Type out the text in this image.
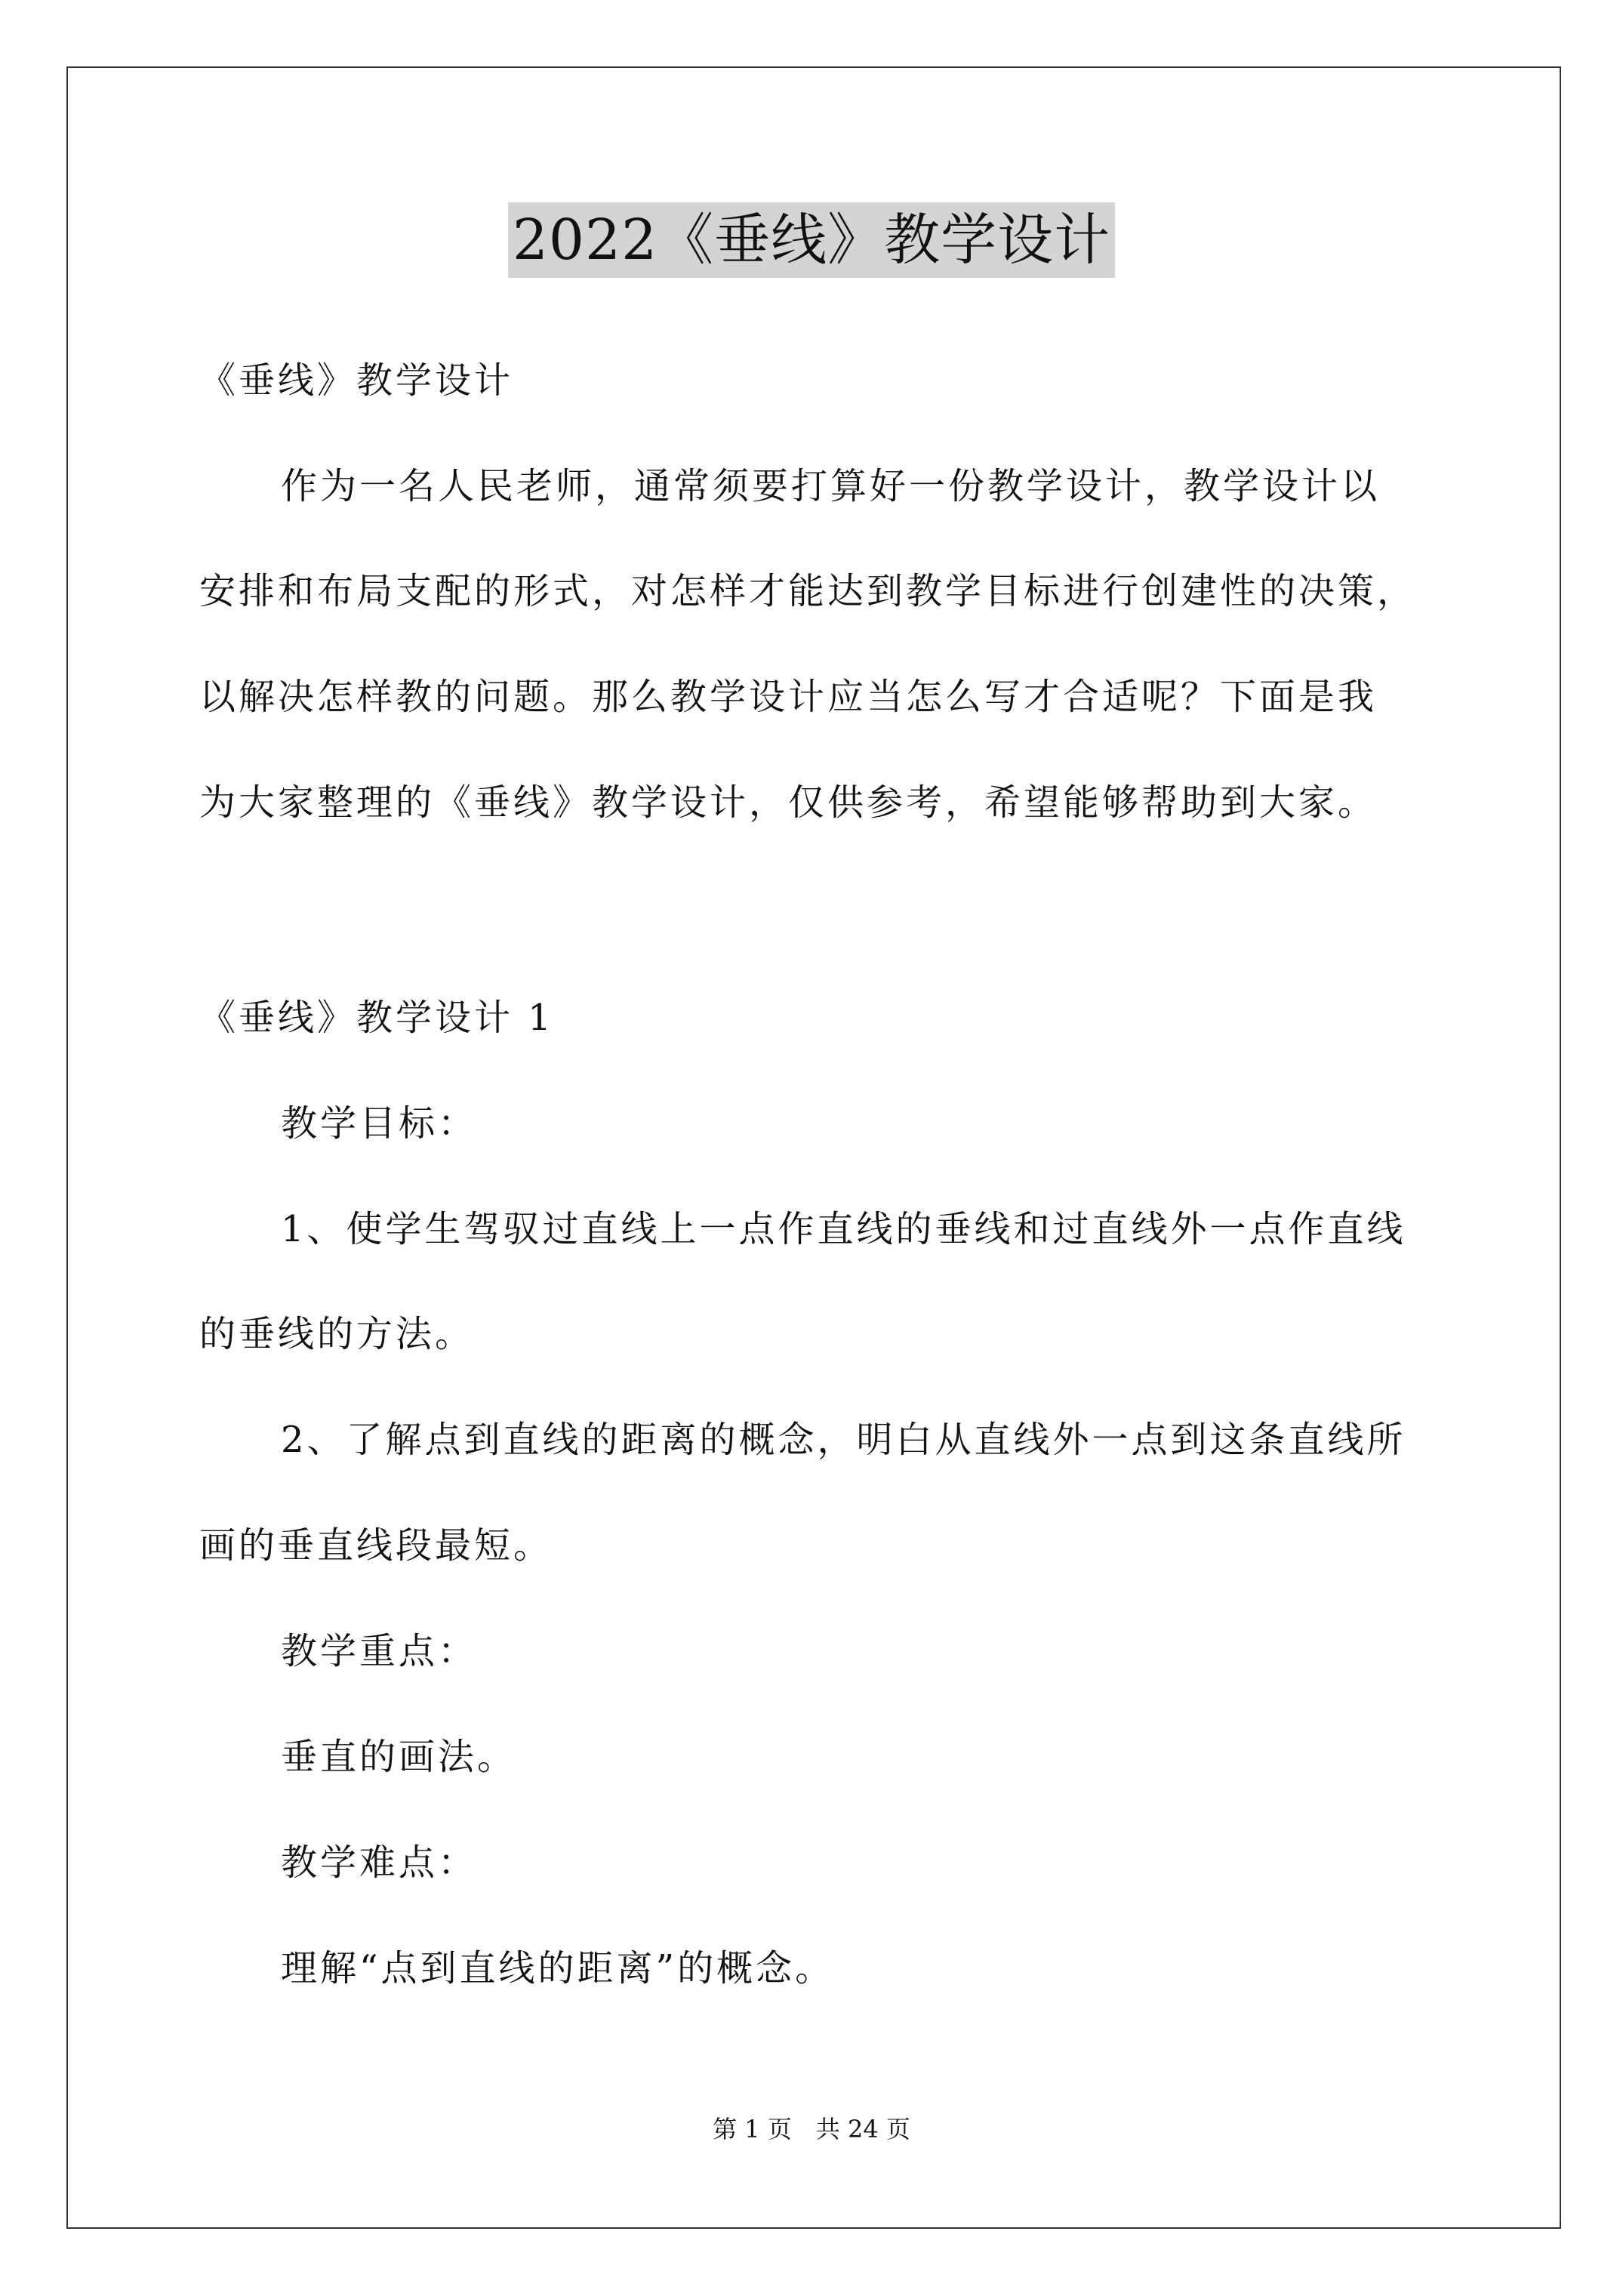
2022《垂线》教学设计
《垂线》教学设计
作为一名人民老师，通常须要打算好一份教学设计，教学设计以
安排和布局支配的形式，对怎样才能达到教学目标进行创建性的决策，
以解决怎样教的问题。那么教学设计应当怎么写才合适呢？下面是我
为大家整理的《垂线》教学设计，仅供参考，希望能够帮助到大家。
《垂线》教学设计 1
教学目标：
1、使学生驾驭过直线上一点作直线的垂线和过直线外一点作直线
的垂线的方法。
2、了解点到直线的距离的概念，明白从直线外一点到这条直线所
画的垂直线段最短。
教学重点：
垂直的画法。
教学难点：
理解“点到直线的距离”的概念。
第 1 页　共 24 页
